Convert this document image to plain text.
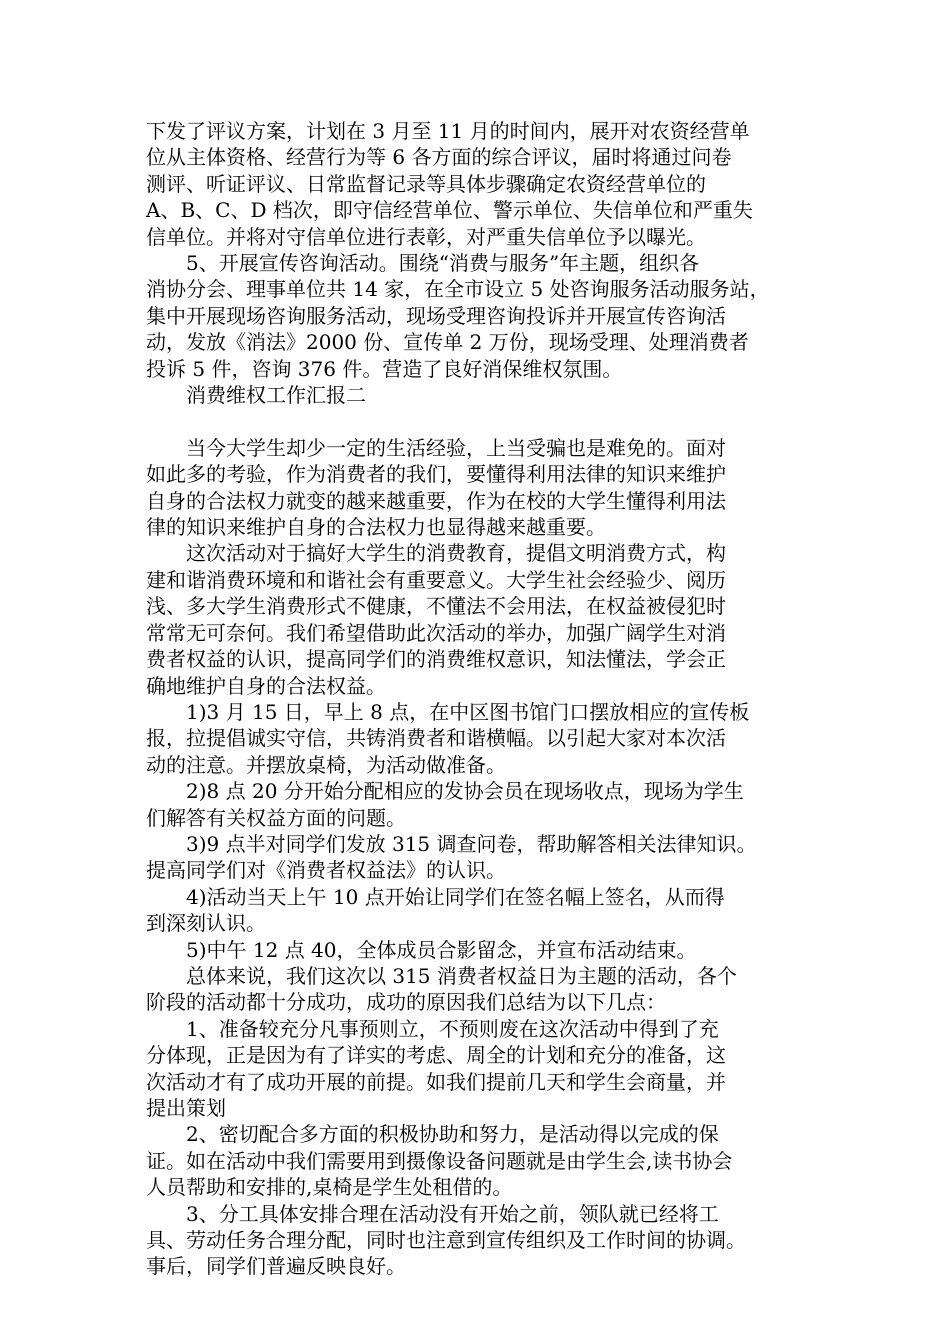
下发了评议方案，计划在 3 月至 11 月的时间内，展开对农资经营单
位从主体资格、经营行为等 6 各方面的综合评议，届时将通过问卷
测评、听证评议、日常监督记录等具体步骤确定农资经营单位的
A、B、C、D 档次，即守信经营单位、警示单位、失信单位和严重失
信单位。并将对守信单位进行表彰，对严重失信单位予以曝光。

5、开展宣传咨询活动。围绕“消费与服务”年主题，组织各
消协分会、理事单位共 14 家，在全市设立 5 处咨询服务活动服务站，
集中开展现场咨询服务活动，现场受理咨询投诉并开展宣传咨询活
动，发放《消法》2000 份、宣传单 2 万份，现场受理、处理消费者
投诉 5 件，咨询 376 件。营造了良好消保维权氛围。

消费维权工作汇报二

当今大学生却少一定的生活经验，上当受骗也是难免的。面对
如此多的考验，作为消费者的我们，要懂得利用法律的知识来维护
自身的合法权力就变的越来越重要，作为在校的大学生懂得利用法
律的知识来维护自身的合法权力也显得越来越重要。

这次活动对于搞好大学生的消费教育，提倡文明消费方式，构
建和谐消费环境和和谐社会有重要意义。大学生社会经验少、阅历
浅、多大学生消费形式不健康，不懂法不会用法，在权益被侵犯时
常常无可奈何。我们希望借助此次活动的举办，加强广阔学生对消
费者权益的认识，提高同学们的消费维权意识，知法懂法，学会正
确地维护自身的合法权益。

1)3 月 15 日，早上 8 点，在中区图书馆门口摆放相应的宣传板
报，拉提倡诚实守信，共铸消费者和谐横幅。以引起大家对本次活
动的注意。并摆放桌椅，为活动做准备。

2)8 点 20 分开始分配相应的发协会员在现场收点，现场为学生
们解答有关权益方面的问题。

3)9 点半对同学们发放 315 调查问卷，帮助解答相关法律知识。
提高同学们对《消费者权益法》的认识。

4)活动当天上午 10 点开始让同学们在签名幅上签名，从而得
到深刻认识。

5)中午 12 点 40，全体成员合影留念，并宣布活动结束。

总体来说，我们这次以 315 消费者权益日为主题的活动，各个
阶段的活动都十分成功，成功的原因我们总结为以下几点：

1、准备较充分凡事预则立，不预则废在这次活动中得到了充
分体现，正是因为有了详实的考虑、周全的计划和充分的准备，这
次活动才有了成功开展的前提。如我们提前几天和学生会商量，并
提出策划

2、密切配合多方面的积极协助和努力，是活动得以完成的保
证。如在活动中我们需要用到摄像设备问题就是由学生会,读书协会
人员帮助和安排的,桌椅是学生处租借的。

3、分工具体安排合理在活动没有开始之前，领队就已经将工
具、劳动任务合理分配，同时也注意到宣传组织及工作时间的协调。
事后，同学们普遍反映良好。
